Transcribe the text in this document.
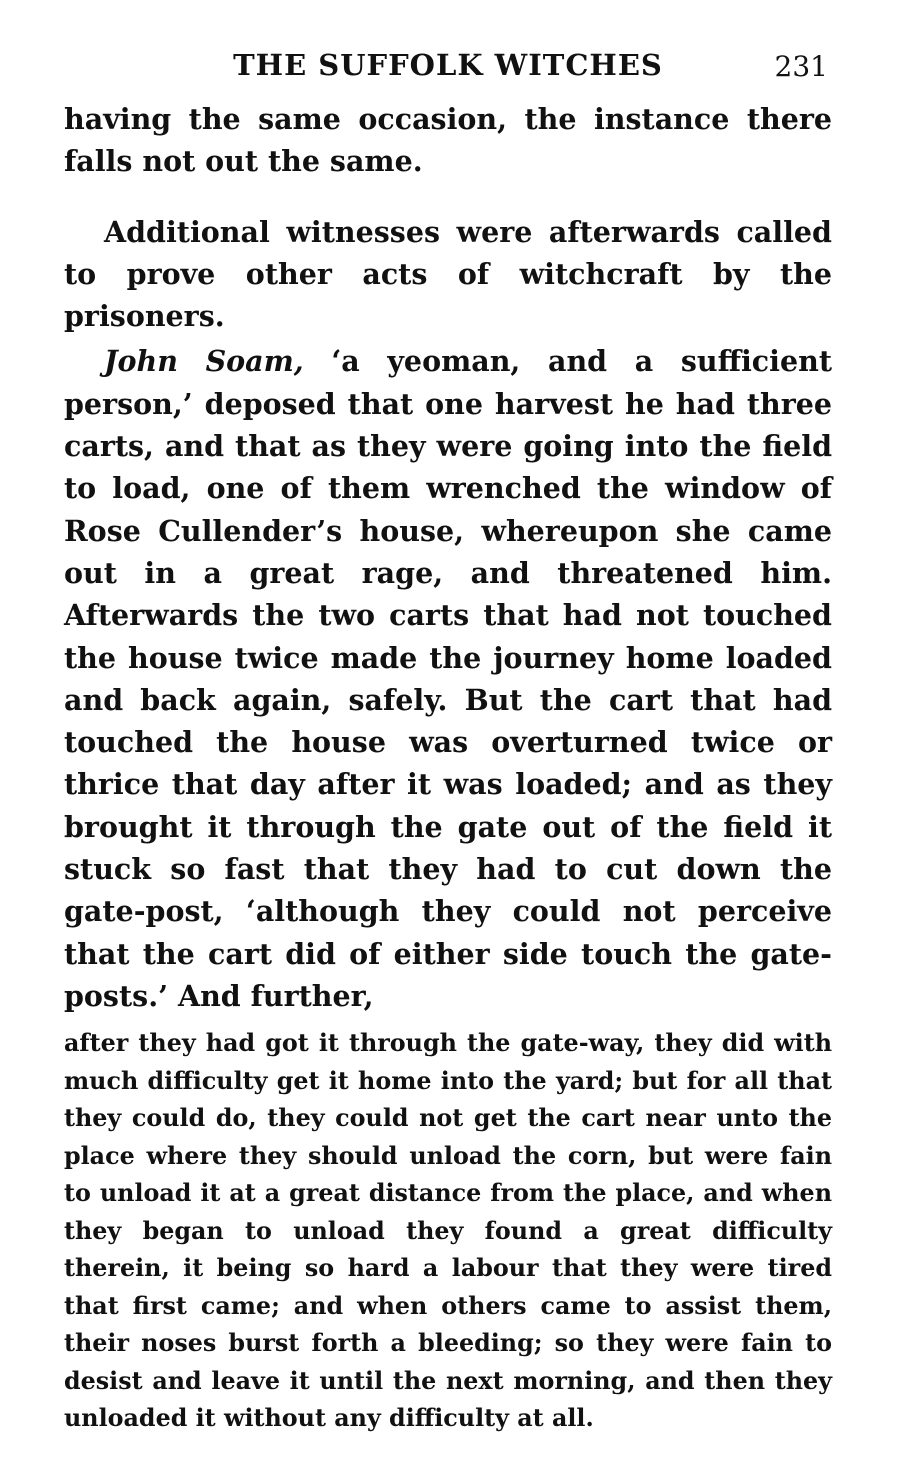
THE SUFFOLK WITCHES	231

having the same occasion, the instance there falls not out the same.

Additional witnesses were afterwards called to prove other acts of witchcraft by the prisoners.

John Soam, ‘a yeoman, and a sufficient person,’ deposed that one harvest he had three carts, and that as they were going into the field to load, one of them wrenched the window of Rose Cullender’s house, whereupon she came out in a great rage, and threatened him. Afterwards the two carts that had not touched the house twice made the journey home loaded and back again, safely. But the cart that had touched the house was overturned twice or thrice that day after it was loaded; and as they brought it through the gate out of the field it stuck so fast that they had to cut down the gate-post, ‘although they could not perceive that the cart did of either side touch the gate-posts.’ And further,

after they had got it through the gate-way, they did with much difficulty get it home into the yard; but for all that they could do, they could not get the cart near unto the place where they should unload the corn, but were fain to unload it at a great distance from the place, and when they began to unload they found a great difficulty therein, it being so hard a labour that they were tired that first came; and when others came to assist them, their noses burst forth a bleeding; so they were fain to desist and leave it until the next morning, and then they unloaded it without any difficulty at all.
